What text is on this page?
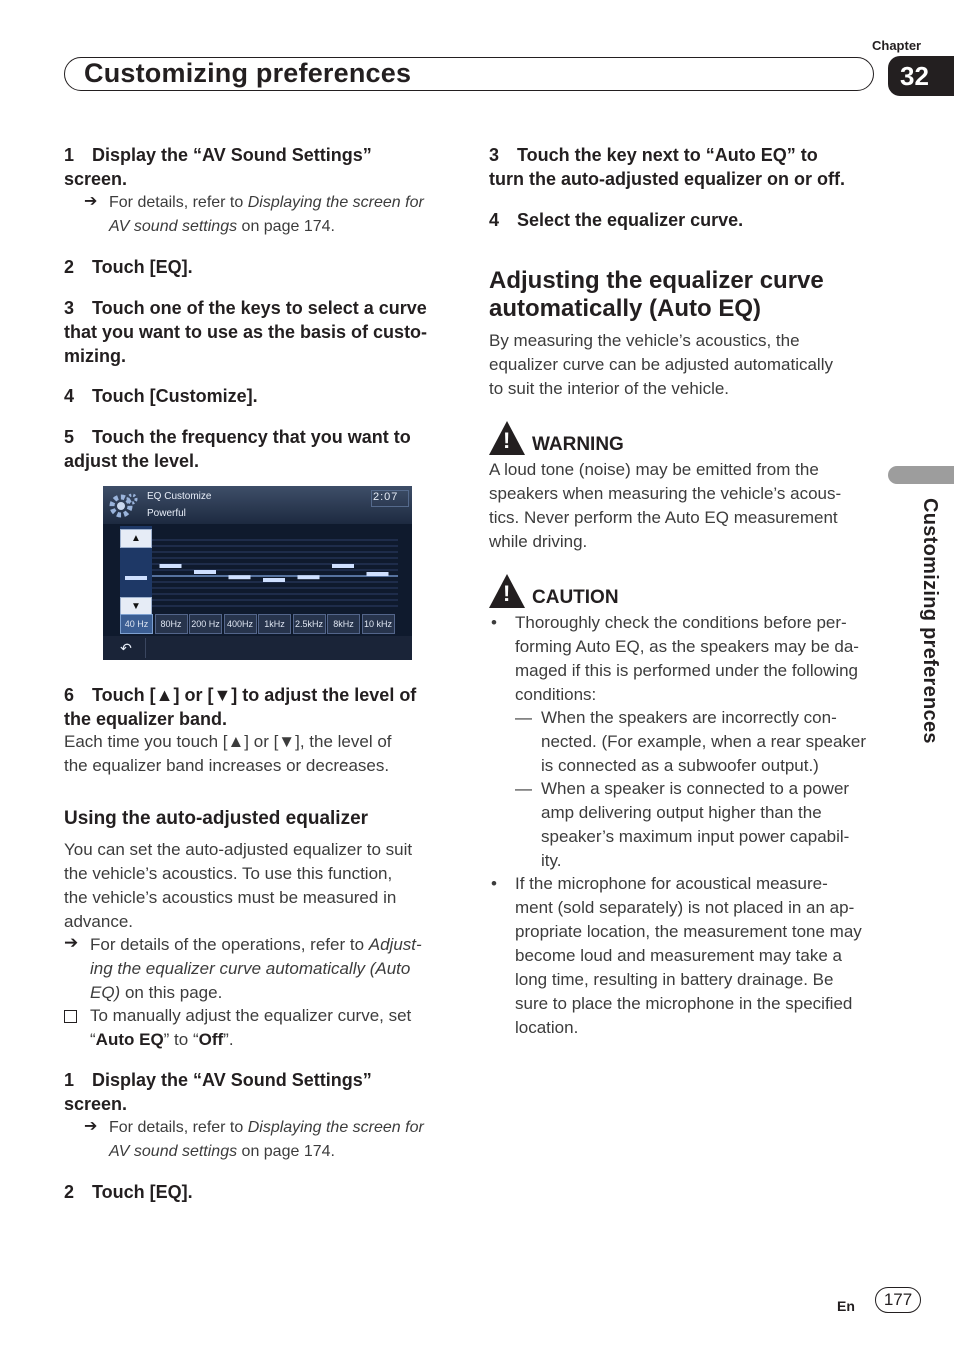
Chapter
Customizing preferences	32
Customizing preferences
1 Display the “AV Sound Settings”
screen.
➔ For details, refer to Displaying the screen for
AV sound settings on page 174.
2 Touch [EQ].
3 Touch one of the keys to select a curve
that you want to use as the basis of custo-
mizing.
4 Touch [Customize].
5 Touch the frequency that you want to
adjust the level.
EQ Customize
Powerful
2:07
▲
▼
40 Hz	80Hz	200 Hz 400Hz	1kHz	2.5kHz	8kHz	10 kHz
↶
6 Touch [▲] or [▼] to adjust the level of
the equalizer band.
Each time you touch [▲] or [▼], the level of
the equalizer band increases or decreases.
Using the auto-adjusted equalizer
You can set the auto-adjusted equalizer to suit
the vehicle’s acoustics. To use this function,
the vehicle’s acoustics must be measured in
advance.
➔ For details of the operations, refer to Adjust-
ing the equalizer curve automatically (Auto
EQ) on this page.
To manually adjust the equalizer curve, set
“Auto EQ” to “Off”.
1 Display the “AV Sound Settings”
screen.
➔ For details, refer to Displaying the screen for
AV sound settings on page 174.
2 Touch [EQ].
3 Touch the key next to “Auto EQ” to
turn the auto-adjusted equalizer on or off.
4 Select the equalizer curve.
Adjusting the equalizer curve
automatically (Auto EQ)
By measuring the vehicle’s acoustics, the
equalizer curve can be adjusted automatically
to suit the interior of the vehicle.
! WARNING
A loud tone (noise) may be emitted from the
speakers when measuring the vehicle’s acous-
tics. Never perform the Auto EQ measurement
while driving.
! CAUTION
• Thoroughly check the conditions before per-
forming Auto EQ, as the speakers may be da-
maged if this is performed under the following
conditions:
— When the speakers are incorrectly con-
nected. (For example, when a rear speaker
is connected as a subwoofer output.)
— When a speaker is connected to a power
amp delivering output higher than the
speaker’s maximum input power capabil-
ity.
• If the microphone for acoustical measure-
ment (sold separately) is not placed in an ap-
propriate location, the measurement tone may
become loud and measurement may take a
long time, resulting in battery drainage. Be
sure to place the microphone in the specified
location.
En	177
